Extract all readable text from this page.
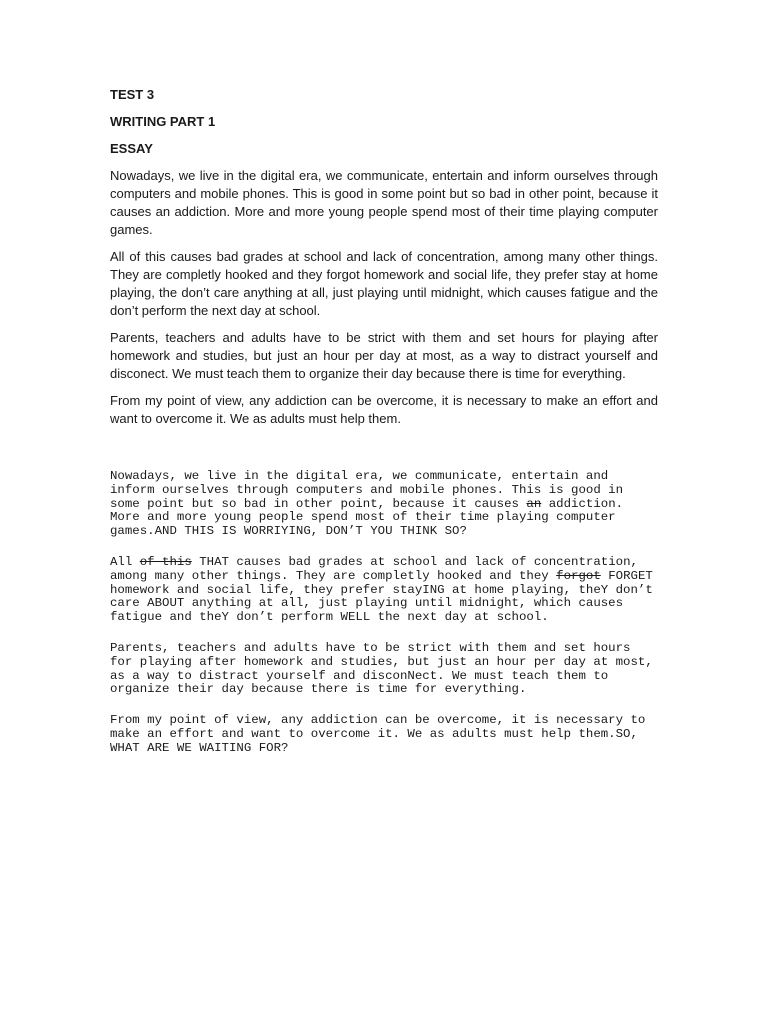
TEST 3

WRITING PART 1

ESSAY

Nowadays, we live in the digital era, we communicate, entertain and inform ourselves through computers and mobile phones. This is good in some point but so bad in other point, because it causes an addiction. More and more young people spend most of their time playing computer games.

All of this causes bad grades at school and lack of concentration, among many other things. They are completly hooked and they forgot homework and social life, they prefer stay at home playing, the don’t care anything at all, just playing until midnight, which causes fatigue and the don’t perform the next day at school.

Parents, teachers and adults have to be strict with them and set hours for playing after homework and studies, but just an hour per day at most, as a way to distract yourself and disconect. We must teach them to organize their day because there is time for everything.

From my point of view, any addiction can be overcome, it is necessary to make an effort and want to overcome it. We as adults must help them.

Nowadays, we live in the digital era, we communicate, entertain and inform ourselves through computers and mobile phones. This is good in some point but so bad in other point, because it causes an addiction. More and more young people spend most of their time playing computer games.AND THIS IS WORRIYING, DON’T YOU THINK SO?

All of this THAT causes bad grades at school and lack of concentration, among many other things. They are completly hooked and they forgot FORGET homework and social life, they prefer stayING at home playing, theY don’t care ABOUT anything at all, just playing until midnight, which causes fatigue and theY don’t perform WELL the next day at school.

Parents, teachers and adults have to be strict with them and set hours for playing after homework and studies, but just an hour per day at most, as a way to distract yourself and disconNect. We must teach them to organize their day because there is time for everything.

From my point of view, any addiction can be overcome, it is necessary to make an effort and want to overcome it. We as adults must help them.SO, WHAT ARE WE WAITING FOR?
